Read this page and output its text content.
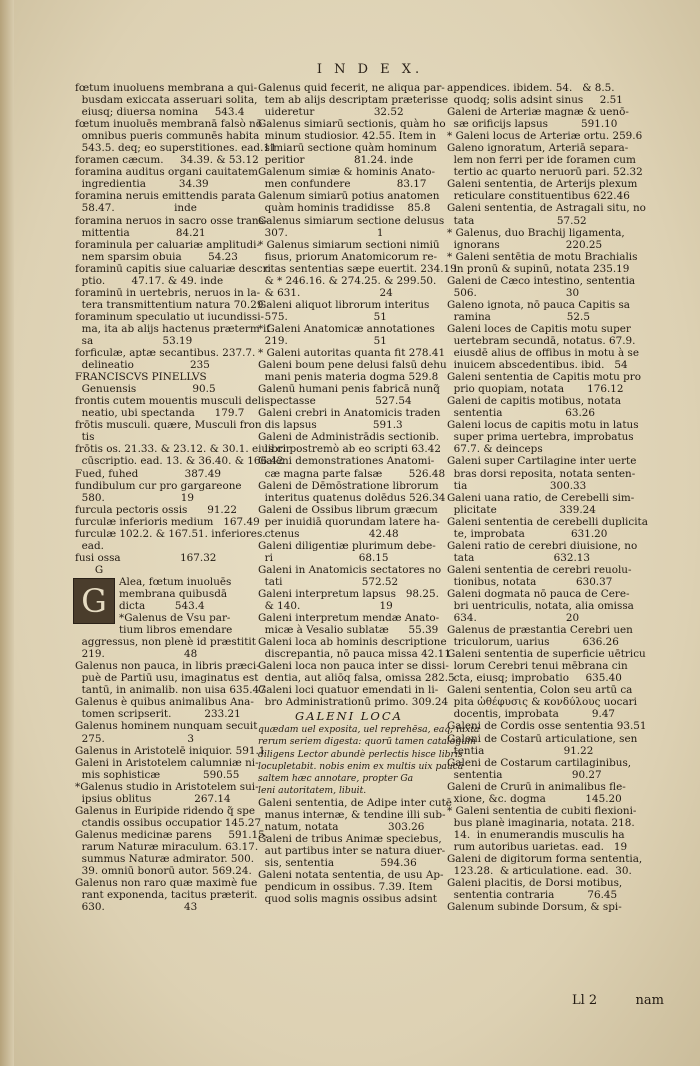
I N D E X.
fœtum inuoluens membrana a qui-
busdam exiccata asseruari solita,
eiusq; diuersa nomina     543.4
fœtum inuoluēs membranā falsò nō
omnibus pueris communēs habita
543.5. deq; eo superstitiones. ead.11
foramen cæcum.     34.39. & 53.12
foramina auditus organi cauitatem
ingredientia          34.39
foramina neruis emittendis parata
58.47.                  inde
foramina neruos in sacro osse trans-
mittentia              84.21
foraminula per caluariæ amplitudi-
nem sparsim obuia        54.23
foraminū capitis siue caluariæ descri
ptio.        47.17. & 49. inde
foraminū in uertebris, neruos in la-
tera transmittentium natura 70.29
foraminum speculatio ut iucundissi-
ma, ita ab alijs hactenus præterm if
sa                     53.19
forficulæ, aptæ secantibus. 237.7.
delineatio                 235
FRANCISCVS PINELLVS
Genuensis                 90.5
frontis cutem mouentis musculi deli
neatio, ubi spectanda      179.7
frōtis musculi. quære, Musculi fron
tis
frōtis os. 21.33. & 23.12. & 30.1. eius cir
cūscriptio. ead. 13. & 36.40. & 166.42
Fued, fuhed              387.49
fundibulum cur pro gargareone
580.                       19
furcula pectoris ossis      91.22
furculæ inferioris medium   167.49
furculæ 102.2. & 167.51. inferiores.
ead.
fusi ossa                  167.32
G
G	Alea, fœtum inuoluēs
membrana quibusdā
dicta         543.4
*Galenus de Vsu par-
tium libros emendare
aggressus, non plenè id præstitit
219.                        48
Galenus non pauca, in libris præci-
puè de Partiū usu, imaginatus est
tantū, in animalib. non uisa 635.47
Galenus è quibus animalibus Ana-
tomen scripserit.          233.21
Galenus hominem nunquam secuit
275.                         3
Galenus in Aristotelē iniquior. 591.1
Galeni in Aristotelem calumniæ ni-
mis sophisticæ             590.55
*Galenus studio in Aristotelem sui-
ipsius oblitus             267.14
Galenus in Euripide ridendo q̃ spe
ctandis ossibus occupatior 145.27
Galenus medicinæ parens     591.15.
rarum Naturæ miraculum. 63.17.
summus Naturæ admirator. 500.
39. omniū bonorū autor. 569.24.
Galenus non raro quæ maximè fue
rant exponenda, tacitus præterit.
630.                        43
Galenus quid fecerit, ne aliqua par-
tem ab alijs descriptam præterisse
uideretur                  32.52
Galenus simiarū sectionis, quàm ho
minum studiosior. 42.55. Item in
simiarū sectione quàm hominum
peritior               81.24. inde
Galenum simiæ & hominis Anato-
men confundere              83.17
Galenum simiarū potius anatomen
quàm hominis tradidisse    85.8
Galenus simiarum sectione delusus
307.                           1
* Galenus simiarum sectioni nimiū
fisus, priorum Anatomicorum re-
ctas sententias sæpe euertit. 234.19.
& * 246.16. & 274.25. & 299.50.
& 631.                        24
Galeni aliquot librorum interitus
575.                          51
* Galeni Anatomicæ annotationes
219.                          51
* Galeni autoritas quanta fit 278.41
Galeni boum pene delusi falsū dehu
mani penis materia dogma 529.8
Galenū humani penis fabricā nunq̃
spectasse                  527.54
Galeni crebri in Anatomicis traden
dis lapsus                 591.3
Galeni de Administrādis sectionib.
libri postremò ab eo scripti 63.42
Galeni demonstrationes Anatomi-
cæ magna parte falsæ        526.48
Galeni de Dēmōstratione librorum
interitus quatenus dolēdus 526.34
Galeni de Ossibus librum græcum
per inuidiā quorundam latere ha-
ctenus                     42.48
Galeni diligentiæ plurimum debe-
ri                          68.15
Galeni in Anatomicis sectatores no
tati                        572.52
Galeni interpretum lapsus   98.25.
& 140.                        19
Galeni interpretum mendæ Anato-
micæ à Vesalio sublatæ      55.39
Galeni loca ab hominis descriptione
discrepantia, nō pauca missa 42.11
Galeni loca non pauca inter se dissi-
dentia, aut aliōq falsa, omissa 282.5
Galeni loci quatuor emendati in li-
bro Administrationū primo. 309.24
GALENI LOCA
quædam uel exposita, uel reprehēsa, eaq; iuxta
rerum seriem digesta: quorū tamen catalogum
diligens Lector abundè perlectis hisce libris
locupletabit. nobis enim ex multis uix paucā
saltem hæc annotare, propter Ga
leni autoritatem, libuit.
Galeni sententia, de Adipe inter cutē
manus internæ, & tendine illi sub-
natum, notata               303.26
Galeni de tribus Animæ speciebus,
aut partibus inter se natura diuer-
sis, sententia              594.36
Galeni notata sententia, de usu Ap-
pendicum in ossibus. 7.39. Item
quod solis magnis ossibus adsint
appendices. ibidem. 54.   & 8.5.
quodq; solis adsint sinus     2.51
Galeni de Arteriæ magnæ & uenō-
sæ orificijs lapsus          591.10
* Galeni locus de Arteriæ ortu. 259.6
Galeno ignoratum, Arteriā separa-
lem non ferri per ide foramen cum
tertio ac quarto neruorū pari. 52.32
Galeni sententia, de Arterijs plexum
reticulare constituentibus 622.46
Galeni sententia, de Astragali situ, no
tata                         57.52
* Galenus, duo Brachij ligamenta,
ignorans                    220.25
* Galeni sentētia de motu Brachialis
in pronū & supinū, notata 235.19
Galeni de Cæco intestino, sententia
506.                           30
Galeno ignota, nō pauca Capitis sa
ramina                       52.5
Galeni loces de Capitis motu super
uertebram secundā, notatus. 67.9.
eiusdē alius de offibus in motu à se
inuicem abscedentibus. ibid.   54
Galeni sententia de Capitis motu pro
prio quopiam, notata       176.12
Galeni de capitis motibus, notata
sententia                   63.26
Galeni locus de capitis motu in latus
super prima uertebra, improbatus
67.7. & deinceps
Galeni super Cartilagine inter uerte
bras dorsi reposita, notata senten-
tia                         300.33
Galeni uana ratio, de Cerebelli sim-
plicitate                   339.24
Galeni sententia de cerebelli duplicita
te, improbata              631.20
Galeni ratio de cerebri diuisione, no
tata                        632.13
Galeni sententia de cerebri reuolu-
tionibus, notata            630.37
Galeni dogmata nō pauca de Cere-
bri uentriculis, notata, alia omissa
634.                           20
Galenus de præstantia Cerebri uen
triculorum, uarius          636.26
Galeni sententia de superficie uētricu
lorum Cerebri tenui mēbrana cin
cta, eiusq; improbatio     635.40
Galeni sententia, Colon seu artū ca
pita ὠθέφυσις & κονδύλους uocari
docentis, improbata          9.47
Galeni de Cordis osse sententia 93.51
Galeni de Costarū articulatione, sen
tentia                        91.22
Galeni de Costarum cartilaginibus,
sententia                     90.27
Galeni de Crurū in animalibus fle-
xione, &c. dogma            145.20
* Galeni sententia de cubiti flexioni-
bus planè imaginaria, notata. 218.
14.  in enumerandis musculis ha
rum autoribus uarietas. ead.   19
Galeni de digitorum forma sententia,
123.28.  & articulatione. ead.  30.
Galeni placitis, de Dorsi motibus,
sententia contraria          76.45
Galenum subinde Dorsum, & spi-
Ll 2	nam
